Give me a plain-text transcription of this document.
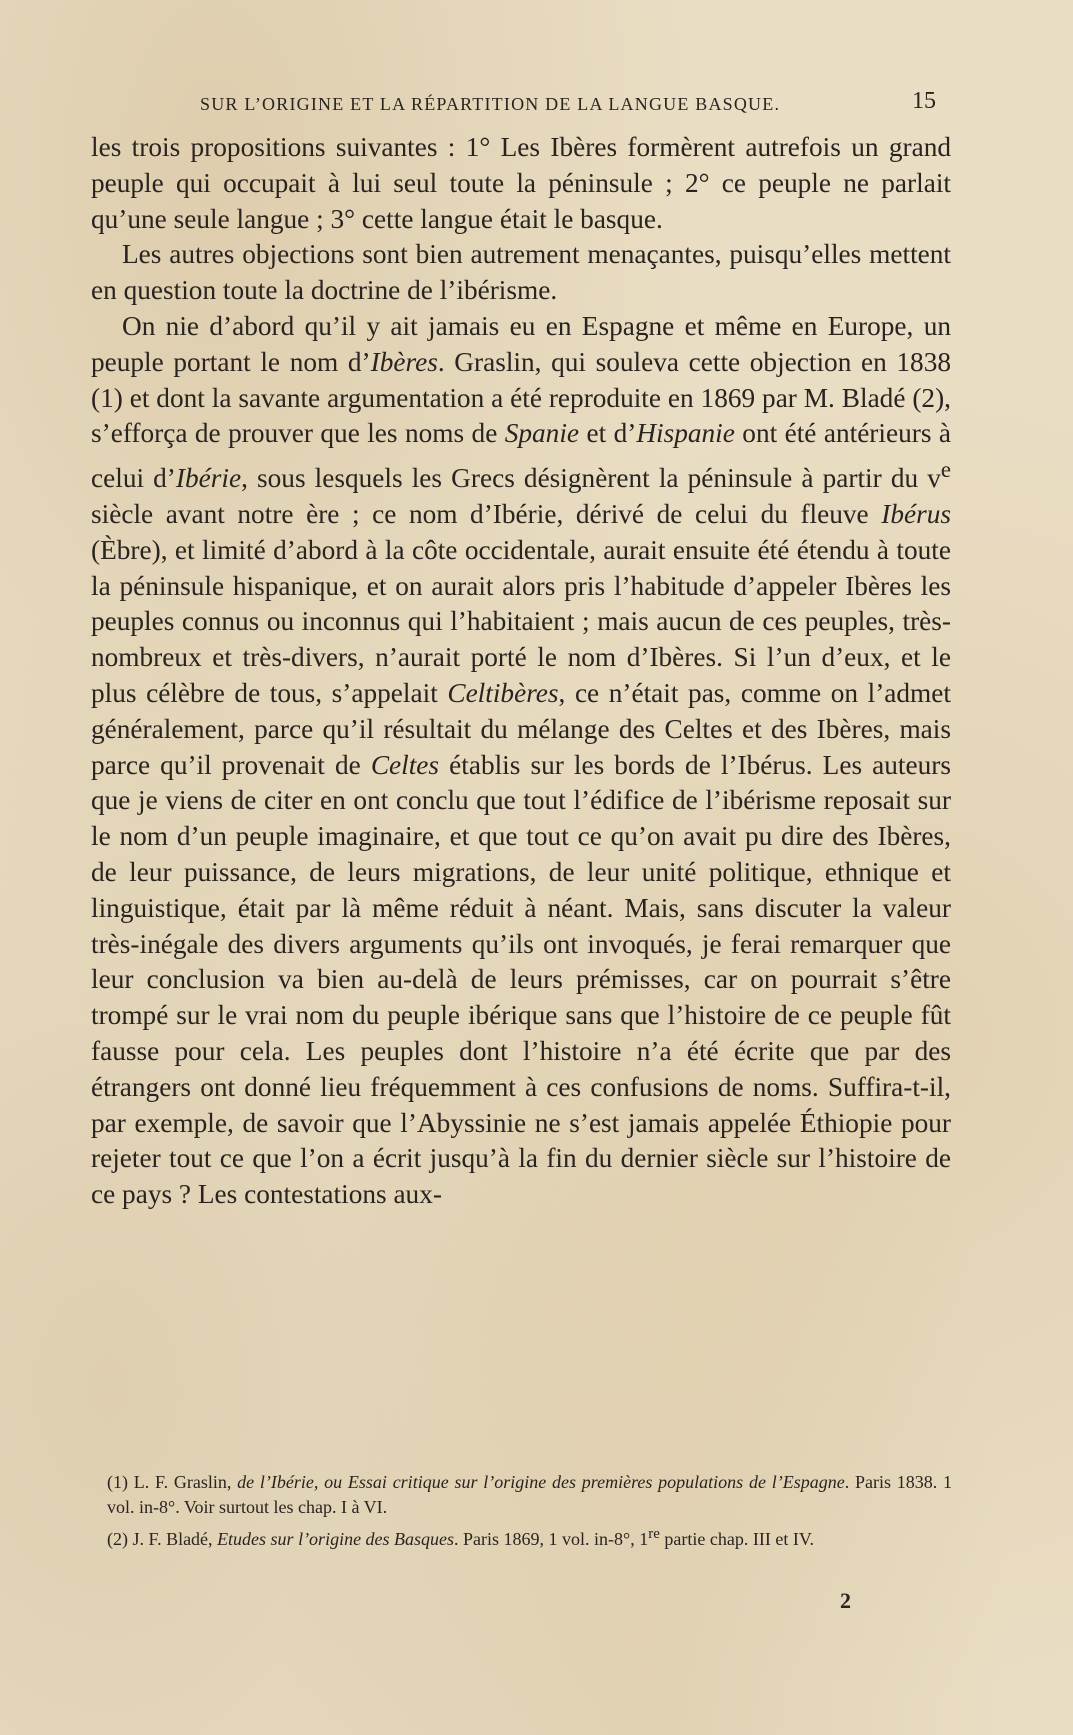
SUR L’ORIGINE ET LA RÉPARTITION DE LA LANGUE BASQUE.	15

les trois propositions suivantes : 1° Les Ibères formèrent autrefois un grand peuple qui occupait à lui seul toute la péninsule ; 2° ce peuple ne parlait qu’une seule langue ; 3° cette langue était le basque.

Les autres objections sont bien autrement menaçantes, puisqu’elles mettent en question toute la doctrine de l’ibérisme.

On nie d’abord qu’il y ait jamais eu en Espagne et même en Europe, un peuple portant le nom d’Ibères. Graslin, qui souleva cette objection en 1838 (1) et dont la savante argumentation a été reproduite en 1869 par M. Bladé (2), s’efforça de prouver que les noms de Spanie et d’Hispanie ont été antérieurs à celui d’Ibérie, sous lesquels les Grecs désignèrent la péninsule à partir du $v^e$ siècle avant notre ère ; ce nom d’Ibérie, dérivé de celui du fleuve Ibérus (Èbre), et limité d’abord à la côte occidentale, aurait ensuite été étendu à toute la péninsule hispanique, et on aurait alors pris l’habitude d’appeler Ibères les peuples connus ou inconnus qui l’habitaient ; mais aucun de ces peuples, très-nombreux et très-divers, n’aurait porté le nom d’Ibères. Si l’un d’eux, et le plus célèbre de tous, s’appelait Celtibères, ce n’était pas, comme on l’admet généralement, parce qu’il résultait du mélange des Celtes et des Ibères, mais parce qu’il provenait de Celtes établis sur les bords de l’Ibérus. Les auteurs que je viens de citer en ont conclu que tout l’édifice de l’ibérisme reposait sur le nom d’un peuple imaginaire, et que tout ce qu’on avait pu dire des Ibères, de leur puissance, de leurs migrations, de leur unité politique, ethnique et linguistique, était par là même réduit à néant. Mais, sans discuter la valeur très-inégale des divers arguments qu’ils ont invoqués, je ferai remarquer que leur conclusion va bien au-delà de leurs prémisses, car on pourrait s’être trompé sur le vrai nom du peuple ibérique sans que l’histoire de ce peuple fût fausse pour cela. Les peuples dont l’histoire n’a été écrite que par des étrangers ont donné lieu fréquemment à ces confusions de noms. Suffira-t-il, par exemple, de savoir que l’Abyssinie ne s’est jamais appelée Éthiopie pour rejeter tout ce que l’on a écrit jusqu’à la fin du dernier siècle sur l’histoire de ce pays ? Les contestations aux-

(1) L. F. Graslin, de l’Ibérie, ou Essai critique sur l’origine des premières populations de l’Espagne. Paris 1838. 1 vol. in-8°. Voir surtout les chap. I à VI.

(2) J. F. Bladé, Etudes sur l’origine des Basques. Paris 1869, 1 vol. in-8°, 1re partie chap. III et IV.

2
